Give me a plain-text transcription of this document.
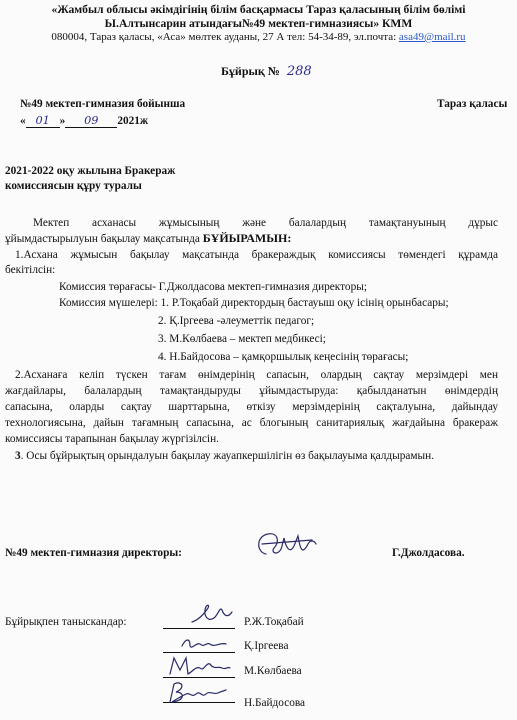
«Жамбыл облысы әкімдігінің білім басқармасы Тараз қаласының білім бөлімі
Ы.Алтынсарин атындағы№49 мектеп-гимназиясы» КММ
080004, Тараз қаласы, «Аса» мөлтек ауданы, 27 А тел: 54-34-89, эл.почта: asa49@mail.ru
Бұйрық № 288
№49 мектеп-гимназия бойынша	Тараз қаласы
« 01 » 09 2021ж
2021-2022 оқу жылына Бракераж
комиссиясын құру туралы
Мектеп асханасы жұмысының және балалардың тамақтануының дұрыс
ұйымдастырылуын бақылау мақсатында БҰЙЫРАМЫН:
1.Асхана жұмысын бақылау мақсатында бракераждық комиссиясы төмендегі құрамда
бекітілсін:
Комиссия төрағасы- Г.Джолдасова мектеп-гимназия директоры;
Комиссия мүшелері: 1. Р.Тоқабай директордың бастауыш оқу ісінің орынбасары;
2. Қ.Іргеева -әлеуметтік педагог;
3. М.Көлбаева – мектеп медбикесі;
4. Н.Байдосова – қамқоршылық кеңесінің төрағасы;
2.Асханаға келіп түскен тағам өнімдерінің сапасын, олардың сақтау мерзімдері мен
жағдайлары, балалардың тамақтандыруды ұйымдастыруда: қабылданатын өнімдердің
сапасына, оларды сақтау шарттарына, өткізу мерзімдерінің сақталуына, дайындау
технологиясына, дайын тағамның сапасына, ас блогының санитариялық жағдайына бракераж
комиссиясы тарапынан бақылау жүргізілсін.
3. Осы бұйрықтың орындалуын бақылау жауапкершілігін өз бақылауыма қалдырамын.
№49 мектеп-гимназия директоры:	Г.Джолдасова.
Бұйрықпен таныскандар:	Р.Ж.Тоқабай
Қ.Іргеева
М.Көлбаева
Н.Байдосова
